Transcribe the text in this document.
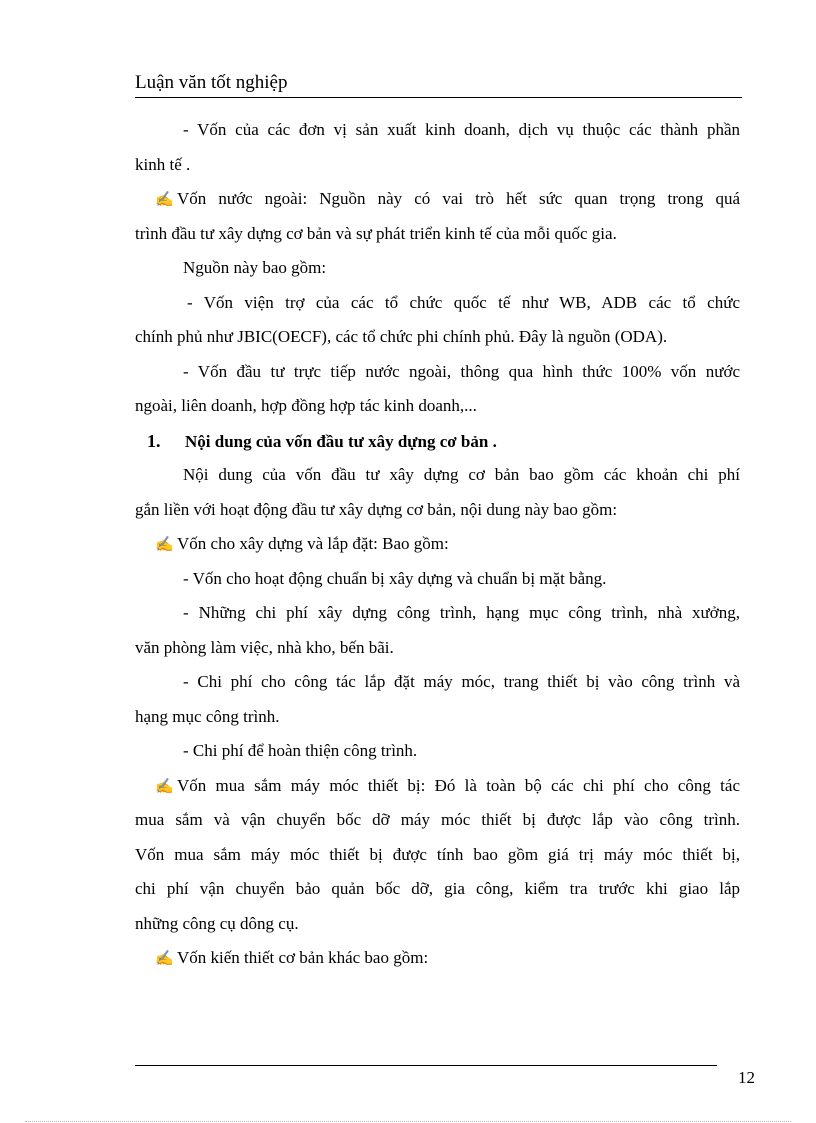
Luận văn tốt nghiệp
- Vốn của các đơn vị sản xuất kinh doanh, dịch vụ thuộc các thành phần
kinh tế .
✍ Vốn nước ngoài: Nguồn này có vai trò hết sức quan trọng trong quá
trình đầu tư xây dựng cơ bản và sự phát triển kinh tế của mỗi quốc gia.
Nguồn này bao gồm:
- Vốn viện trợ của các tổ chức quốc tế như WB, ADB các tổ chức
chính phủ như JBIC(OECF), các tổ chức phi chính phủ. Đây là nguồn (ODA).
- Vốn đầu tư trực tiếp nước ngoài, thông qua hình thức 100% vốn nước
ngoài, liên doanh, hợp đồng hợp tác kinh doanh,...
1. Nội dung của vốn đầu tư xây dựng cơ bản .
Nội dung của vốn đầu tư xây dựng cơ bản bao gồm các khoản chi phí
gắn liền với hoạt động đầu tư xây dựng cơ bản, nội dung này bao gồm:
✍ Vốn cho xây dựng và lắp đặt: Bao gồm:
- Vốn cho hoạt động chuẩn bị xây dựng và chuẩn bị mặt bằng.
- Những chi phí xây dựng công trình, hạng mục công trình, nhà xưởng,
văn phòng làm việc, nhà kho, bến bãi.
- Chi phí cho công tác lắp đặt máy móc, trang thiết bị vào công trình và
hạng mục công trình.
- Chi phí để hoàn thiện công trình.
✍ Vốn mua sắm máy móc thiết bị: Đó là toàn bộ các chi phí cho công tác
mua sắm và vận chuyển bốc dỡ máy móc thiết bị được lắp vào công trình.
Vốn mua sắm máy móc thiết bị được tính bao gồm giá trị máy móc thiết bị,
chi phí vận chuyển bảo quản bốc dỡ, gia công, kiểm tra trước khi giao lắp
những công cụ dông cụ.
✍ Vốn kiến thiết cơ bản khác bao gồm:
12
